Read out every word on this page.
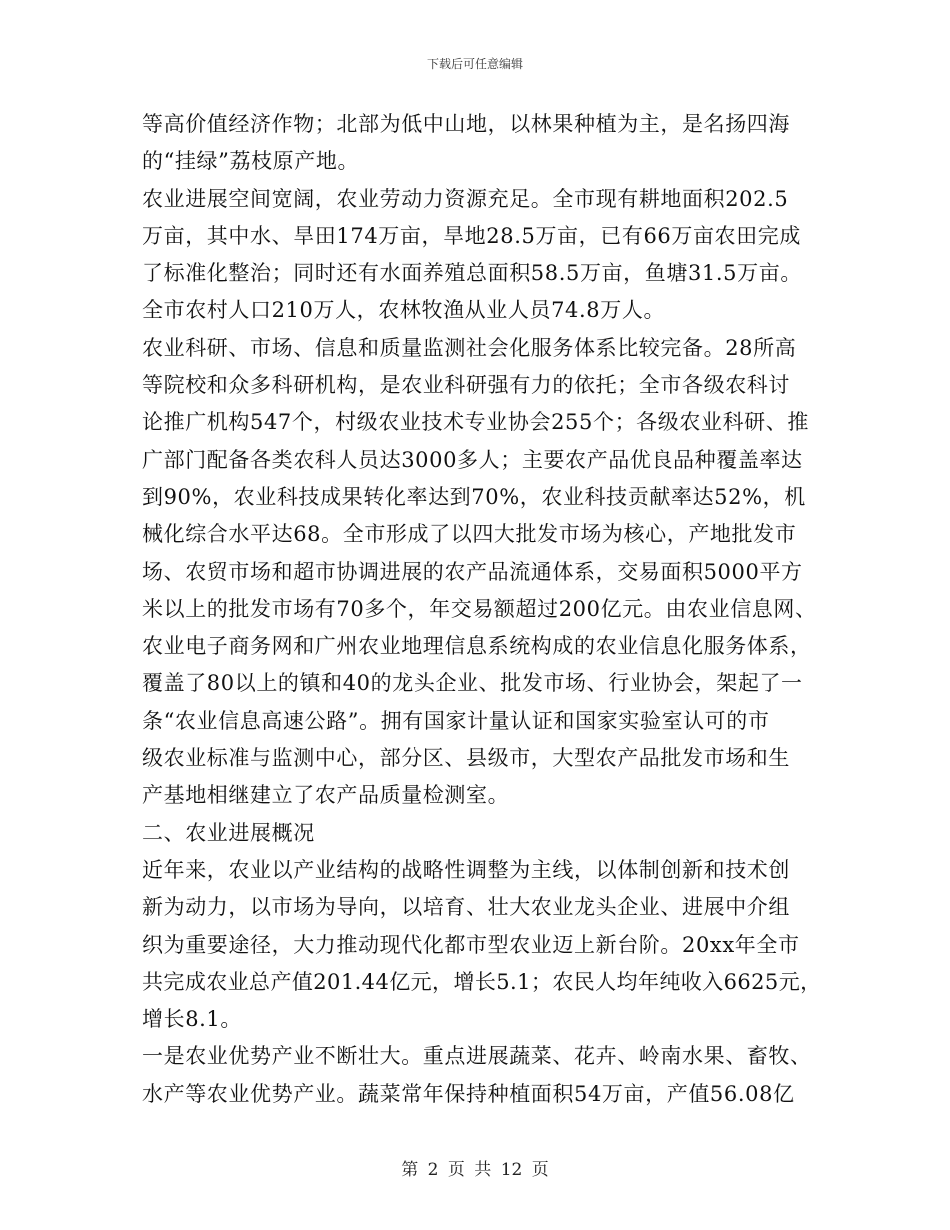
下载后可任意编辑
等高价值经济作物；北部为低中山地，以林果种植为主，是名扬四海
的“挂绿”荔枝原产地。
农业进展空间宽阔，农业劳动力资源充足。全市现有耕地面积202.5
万亩，其中水、旱田174万亩，旱地28.5万亩，已有66万亩农田完成
了标准化整治；同时还有水面养殖总面积58.5万亩，鱼塘31.5万亩。
全市农村人口210万人，农林牧渔从业人员74.8万人。
农业科研、市场、信息和质量监测社会化服务体系比较完备。28所高
等院校和众多科研机构，是农业科研强有力的依托；全市各级农科讨
论推广机构547个，村级农业技术专业协会255个；各级农业科研、推
广部门配备各类农科人员达3000多人；主要农产品优良品种覆盖率达
到90%，农业科技成果转化率达到70%，农业科技贡献率达52%，机
械化综合水平达68。全市形成了以四大批发市场为核心，产地批发市
场、农贸市场和超市协调进展的农产品流通体系，交易面积5000平方
米以上的批发市场有70多个，年交易额超过200亿元。由农业信息网、
农业电子商务网和广州农业地理信息系统构成的农业信息化服务体系，
覆盖了80以上的镇和40的龙头企业、批发市场、行业协会，架起了一
条“农业信息高速公路”。拥有国家计量认证和国家实验室认可的市
级农业标准与监测中心，部分区、县级市，大型农产品批发市场和生
产基地相继建立了农产品质量检测室。
二、农业进展概况
近年来，农业以产业结构的战略性调整为主线，以体制创新和技术创
新为动力，以市场为导向，以培育、壮大农业龙头企业、进展中介组
织为重要途径，大力推动现代化都市型农业迈上新台阶。20xx年全市
共完成农业总产值201.44亿元，增长5.1；农民人均年纯收入6625元，
增长8.1。
一是农业优势产业不断壮大。重点进展蔬菜、花卉、岭南水果、畜牧、
水产等农业优势产业。蔬菜常年保持种植面积54万亩，产值56.08亿
第 2 页 共 12 页
